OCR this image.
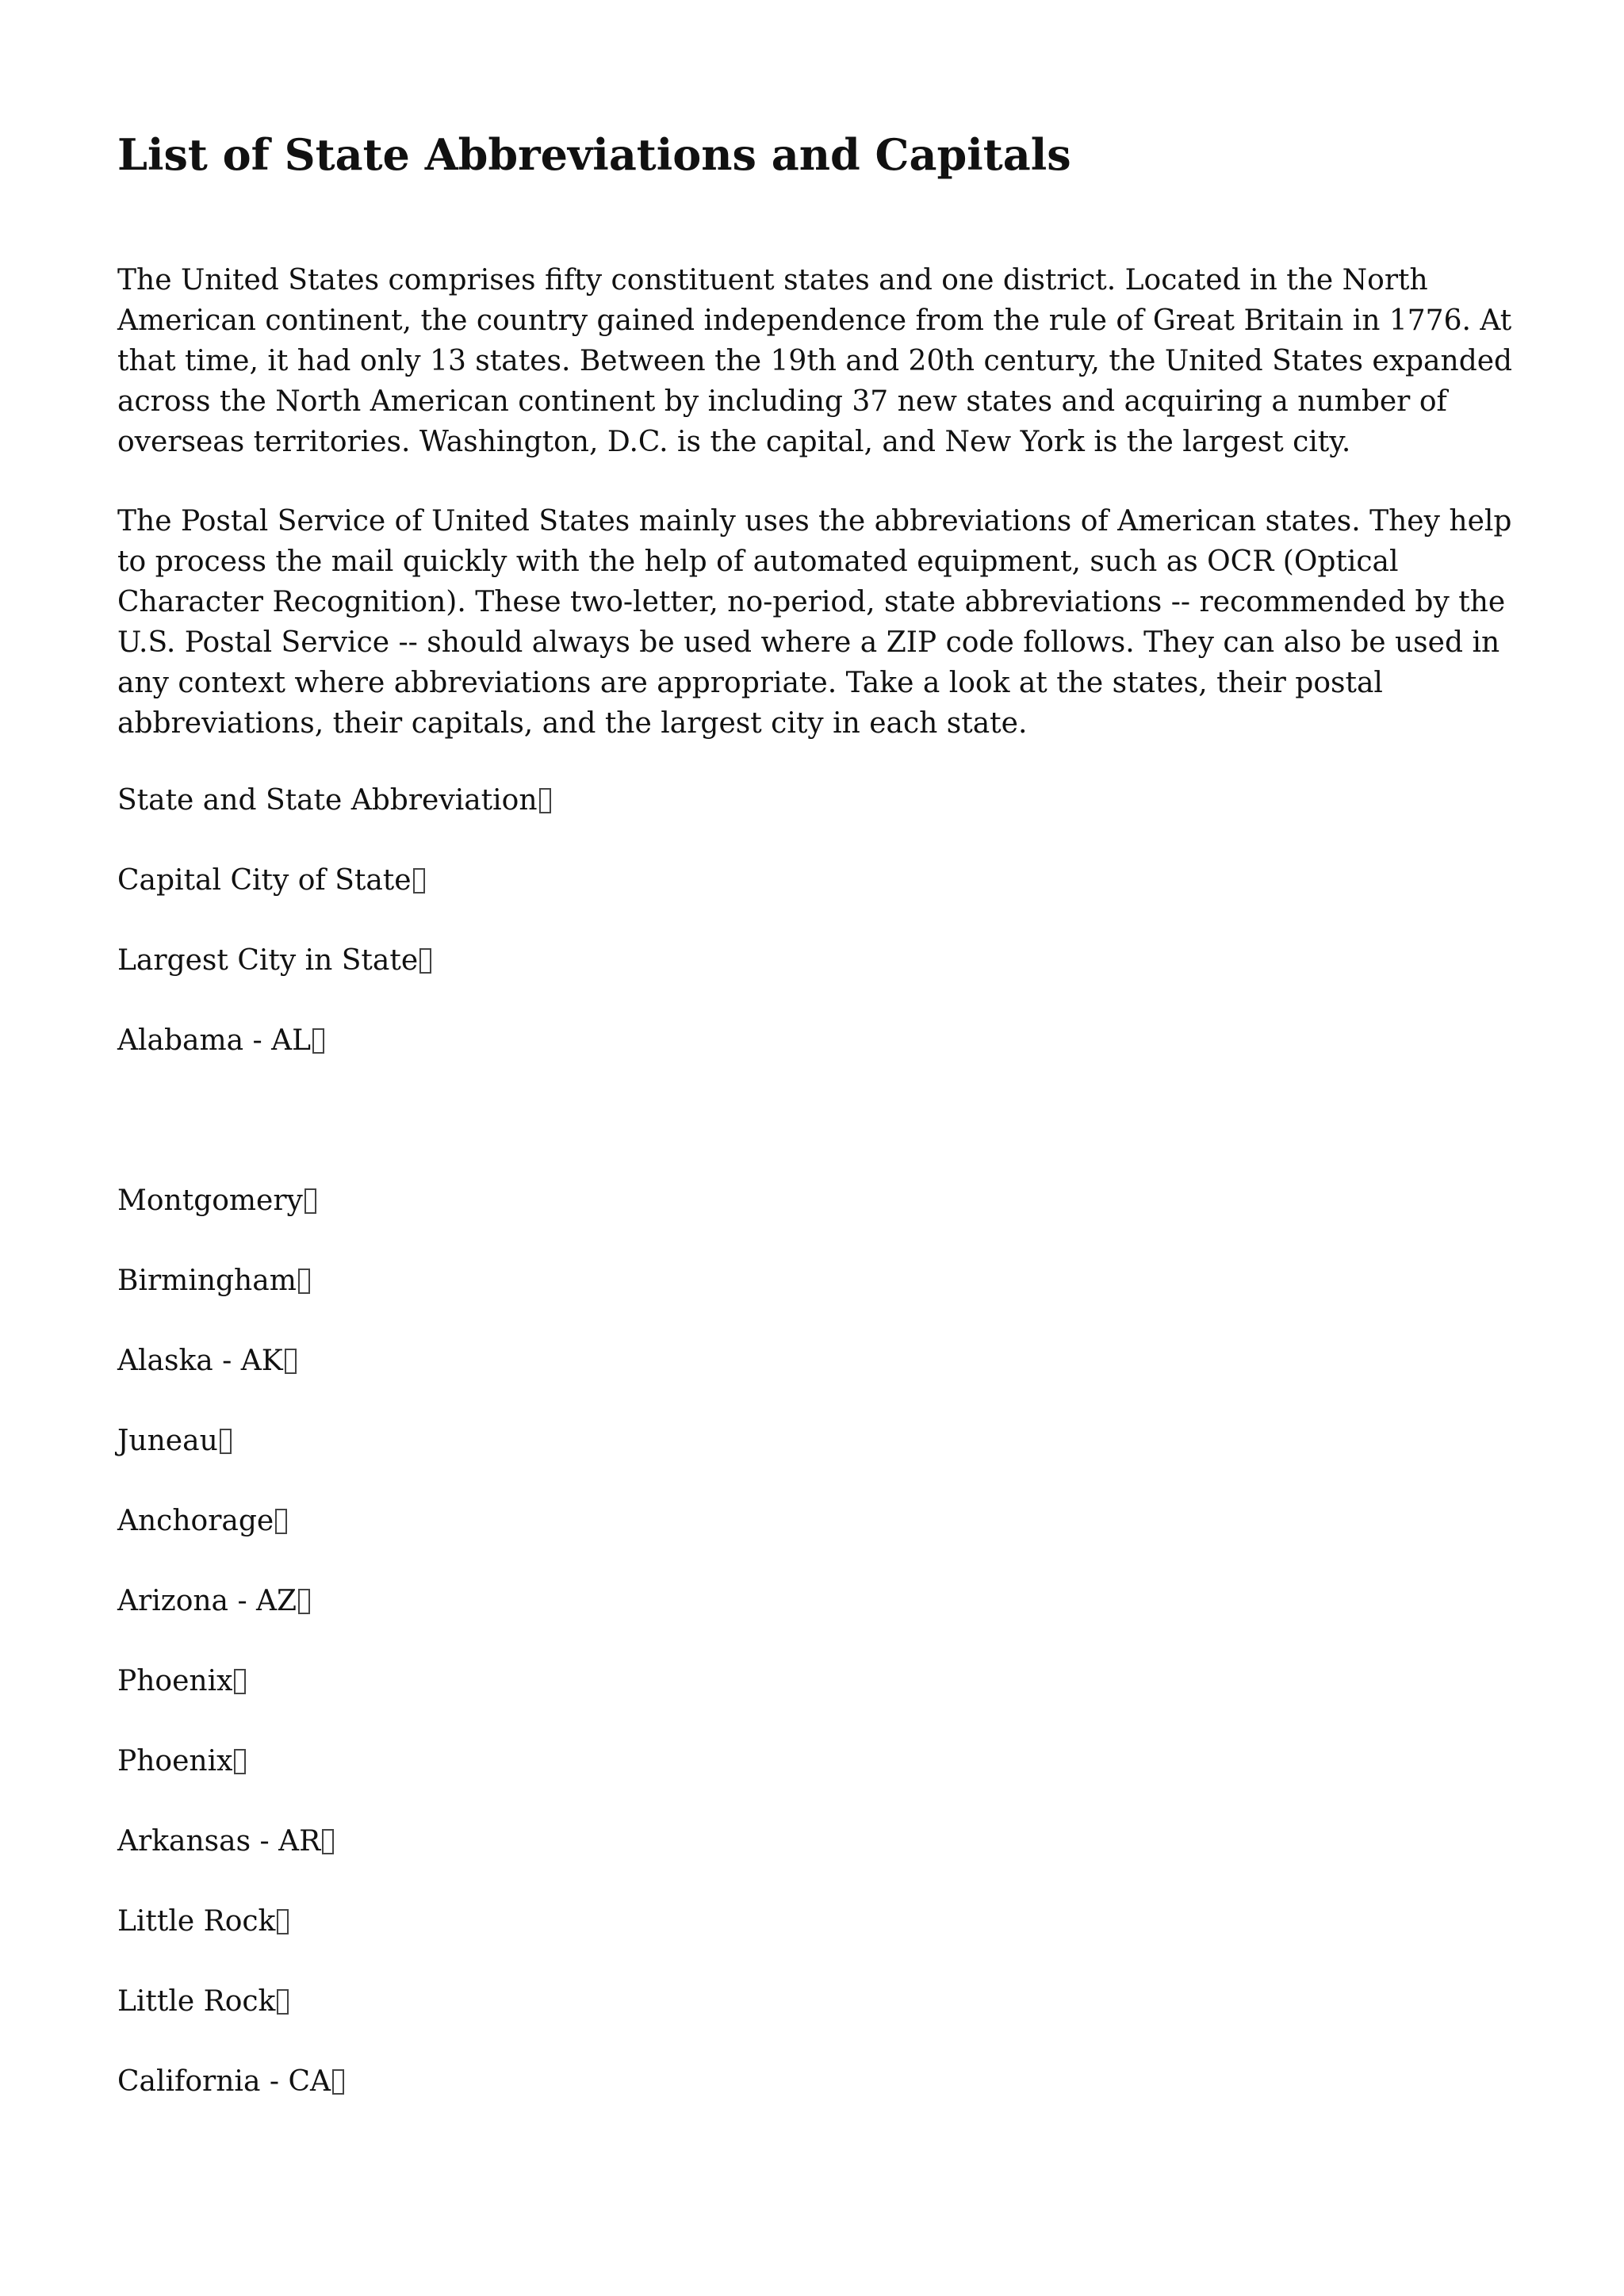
List of State Abbreviations and Capitals

The United States comprises fifty constituent states and one district. Located in the North American continent, the country gained independence from the rule of Great Britain in 1776. At that time, it had only 13 states. Between the 19th and 20th century, the United States expanded across the North American continent by including 37 new states and acquiring a number of overseas territories. Washington, D.C. is the capital, and New York is the largest city.

The Postal Service of United States mainly uses the abbreviations of American states. They help to process the mail quickly with the help of automated equipment, such as OCR (Optical Character Recognition). These two-letter, no-period, state abbreviations -- recommended by the U.S. Postal Service -- should always be used where a ZIP code follows. They can also be used in any context where abbreviations are appropriate. Take a look at the states, their postal abbreviations, their capitals, and the largest city in each state.

State and State Abbreviation
Capital City of State
Largest City in State
Alabama - AL
Montgomery
Birmingham
Alaska - AK
Juneau
Anchorage
Arizona - AZ
Phoenix
Phoenix
Arkansas - AR
Little Rock
Little Rock
California - CA
